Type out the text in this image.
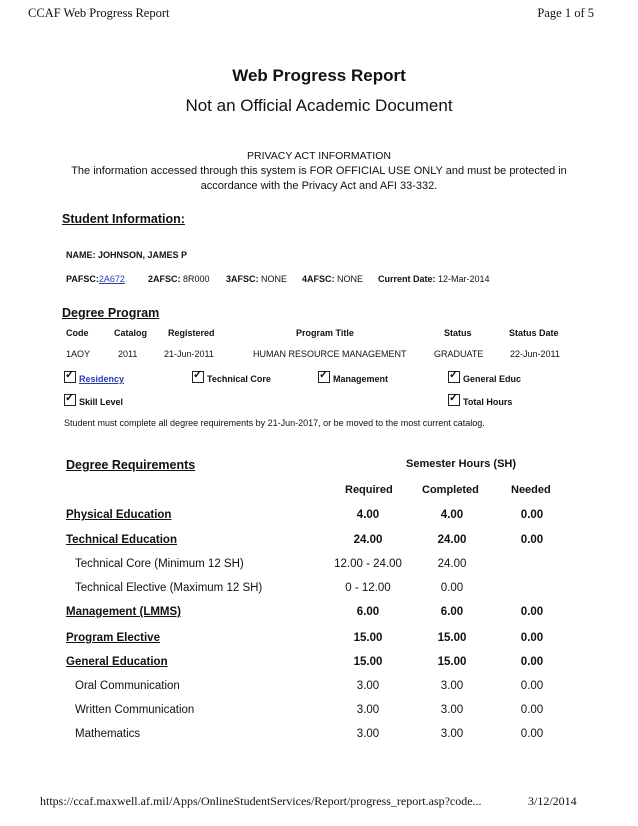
CCAF Web Progress Report	Page 1 of 5
Web Progress Report
Not an Official Academic Document
PRIVACY ACT INFORMATION
The information accessed through this system is FOR OFFICIAL USE ONLY and must be protected in
accordance with the Privacy Act and AFI 33-332.
Student Information:
NAME: JOHNSON, JAMES P
PAFSC:2A672	2AFSC: 8R000 3AFSC: NONE 4AFSC: NONE Current Date: 12-Mar-2014
Degree Program
Code	Catalog Registered	Program Title	Status	Status Date
1AOY	2011	21-Jun-2011	HUMAN RESOURCE MANAGEMENT	GRADUATE	22-Jun-2011
✓Residency ✓	Technical Core ✓	Management ✓	General Educ
✓Skill Level ✓	Total Hours
Student must complete all degree requirements by 21-Jun-2017, or be moved to the most current catalog.
Degree Requirements	Semester Hours (SH)
Required	Completed	Needed
Physical Education	4.00	4.00	0.00
Technical Education	24.00	24.00	0.00
Technical Core (Minimum 12 SH)	12.00 - 24.00	24.00
Technical Elective (Maximum 12 SH)	0 - 12.00	0.00
Management (LMMS)	6.00	6.00	0.00
Program Elective	15.00	15.00	0.00
General Education	15.00	15.00	0.00
Oral Communication	3.00	3.00	0.00
Written Communication	3.00	3.00	0.00
Mathematics	3.00	3.00	0.00
https://ccaf.maxwell.af.mil/Apps/OnlineStudentServices/Report/progress_report.asp?code...	3/12/2014
